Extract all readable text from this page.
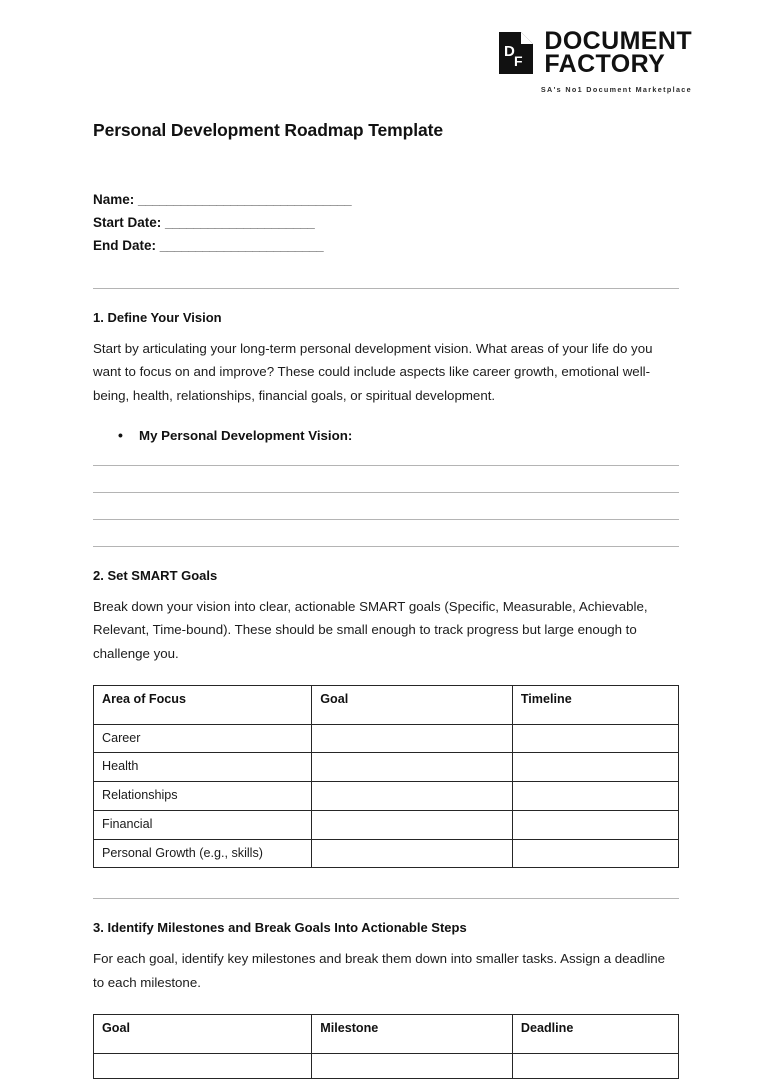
D
F
DOCUMENT
FACTORY
SA's No1 Document Marketplace
Personal Development Roadmap Template
Name: ______________________________
Start Date: _____________________
End Date: _______________________
1. Define Your Vision
Start by articulating your long-term personal development vision. What areas of your life do you want to focus on and improve? These could include aspects like career growth, emotional well-being, health, relationships, financial goals, or spiritual development.
• My Personal Development Vision:
2. Set SMART Goals
Break down your vision into clear, actionable SMART goals (Specific, Measurable, Achievable, Relevant, Time-bound). These should be small enough to track progress but large enough to challenge you.
Area of Focus	Goal	Timeline
Career		
Health		
Relationships		
Financial		
Personal Growth (e.g., skills)		
3. Identify Milestones and Break Goals Into Actionable Steps
For each goal, identify key milestones and break them down into smaller tasks. Assign a deadline to each milestone.
Goal	Milestone	Deadline
